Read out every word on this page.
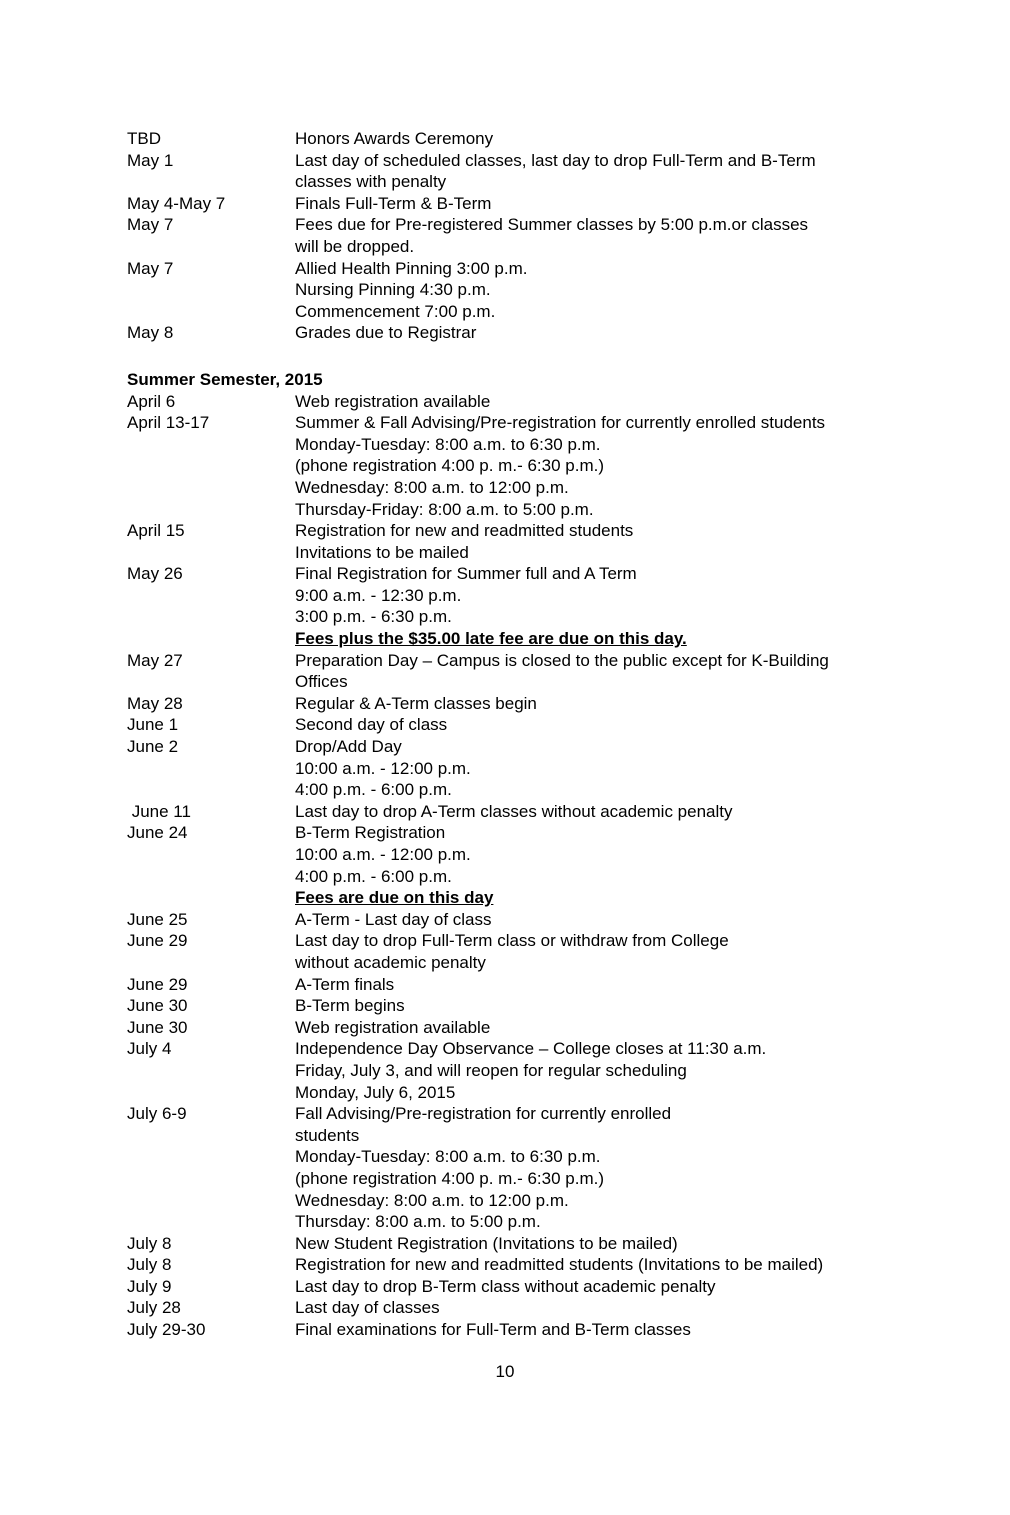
TBD	Honors Awards Ceremony
May 1	Last day of scheduled classes, last day to drop Full-Term and B-Term
classes with penalty
May 4-May 7	Finals Full-Term & B-Term
May 7	Fees due for Pre-registered Summer classes by 5:00 p.m.or classes
will be dropped.
May 7	Allied Health Pinning 3:00 p.m.
Nursing Pinning 4:30 p.m.
Commencement 7:00 p.m.
May 8	Grades due to Registrar
Summer Semester, 2015
April 6	Web registration available
April 13-17	Summer & Fall Advising/Pre-registration for currently enrolled students
Monday-Tuesday: 8:00 a.m. to 6:30 p.m.
(phone registration 4:00 p. m.- 6:30 p.m.)
Wednesday: 8:00 a.m. to 12:00 p.m.
Thursday-Friday: 8:00 a.m. to 5:00 p.m.
April 15	Registration for new and readmitted students
Invitations to be mailed
May 26	Final Registration for Summer full and A Term
9:00 a.m. - 12:30 p.m.
3:00 p.m. - 6:30 p.m.
Fees plus the $35.00 late fee are due on this day.
May 27	Preparation Day – Campus is closed to the public except for K-Building
Offices
May 28	Regular & A-Term classes begin
June 1	Second day of class
June 2	Drop/Add Day
10:00 a.m. - 12:00 p.m.
4:00 p.m. - 6:00 p.m.
June 11	Last day to drop A-Term classes without academic penalty
June 24	B-Term Registration
10:00 a.m. - 12:00 p.m.
4:00 p.m. - 6:00 p.m.
Fees are due on this day
June 25	A-Term - Last day of class
June 29	Last day to drop Full-Term class or withdraw from College
without academic penalty
June 29	A-Term finals
June 30	B-Term begins
June 30	Web registration available
July 4	Independence Day Observance – College closes at 11:30 a.m.
Friday, July 3, and will reopen for regular scheduling
Monday, July 6, 2015
July 6-9	Fall Advising/Pre-registration for currently enrolled
students
Monday-Tuesday: 8:00 a.m. to 6:30 p.m.
(phone registration 4:00 p. m.- 6:30 p.m.)
Wednesday: 8:00 a.m. to 12:00 p.m.
Thursday: 8:00 a.m. to 5:00 p.m.
July 8	New Student Registration (Invitations to be mailed)
July 8	Registration for new and readmitted students (Invitations to be mailed)
July 9	Last day to drop B-Term class without academic penalty
July 28	Last day of classes
July 29-30	Final examinations for Full-Term and B-Term classes
10
